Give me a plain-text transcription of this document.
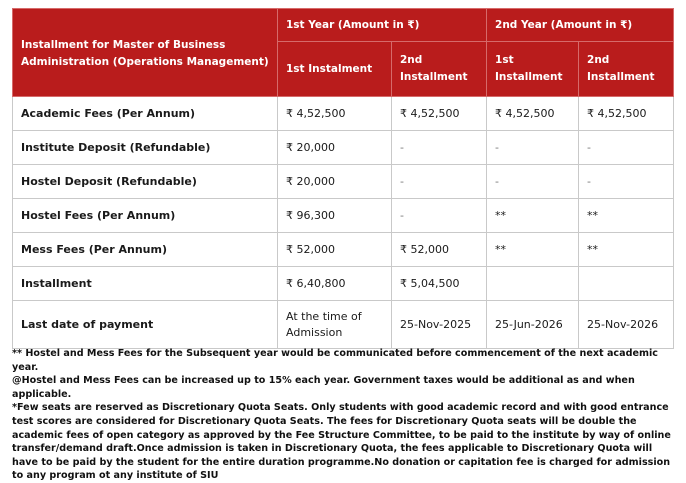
Installment for Master of Business Administration (Operations Management)	1st Year (Amount in ₹)		2nd Year (Amount in ₹)	
	1st Instalment	2nd Installment	1st Installment	2nd Installment
Academic Fees (Per Annum)	₹ 4,52,500	₹ 4,52,500	₹ 4,52,500	₹ 4,52,500
Institute Deposit (Refundable)	₹ 20,000	-	-	-
Hostel Deposit (Refundable)	₹ 20,000	-	-	-
Hostel Fees (Per Annum)	₹ 96,300	-	**	**
Mess Fees (Per Annum)	₹ 52,000	₹ 52,000	**	**
Installment	₹ 6,40,800	₹ 5,04,500		
Last date of payment	At the time of Admission	25-Nov-2025	25-Jun-2026	25-Nov-2026

** Hostel and Mess Fees for the Subsequent year would be communicated before commencement of the next academic year.

@Hostel and Mess Fees can be increased up to 15% each year. Government taxes would be additional as and when applicable.

*Few seats are reserved as Discretionary Quota Seats. Only students with good academic record and with good entrance test scores are considered for Discretionary Quota Seats. The fees for Discretionary Quota seats will be double the academic fees of open category as approved by the Fee Structure Committee, to be paid to the institute by way of online transfer/demand draft.Once admission is taken in Discretionary Quota, the fees applicable to Discretionary Quota will have to be paid by the student for the entire duration programme.No donation or capitation fee is charged for admission to any program ot any institute of SIU
